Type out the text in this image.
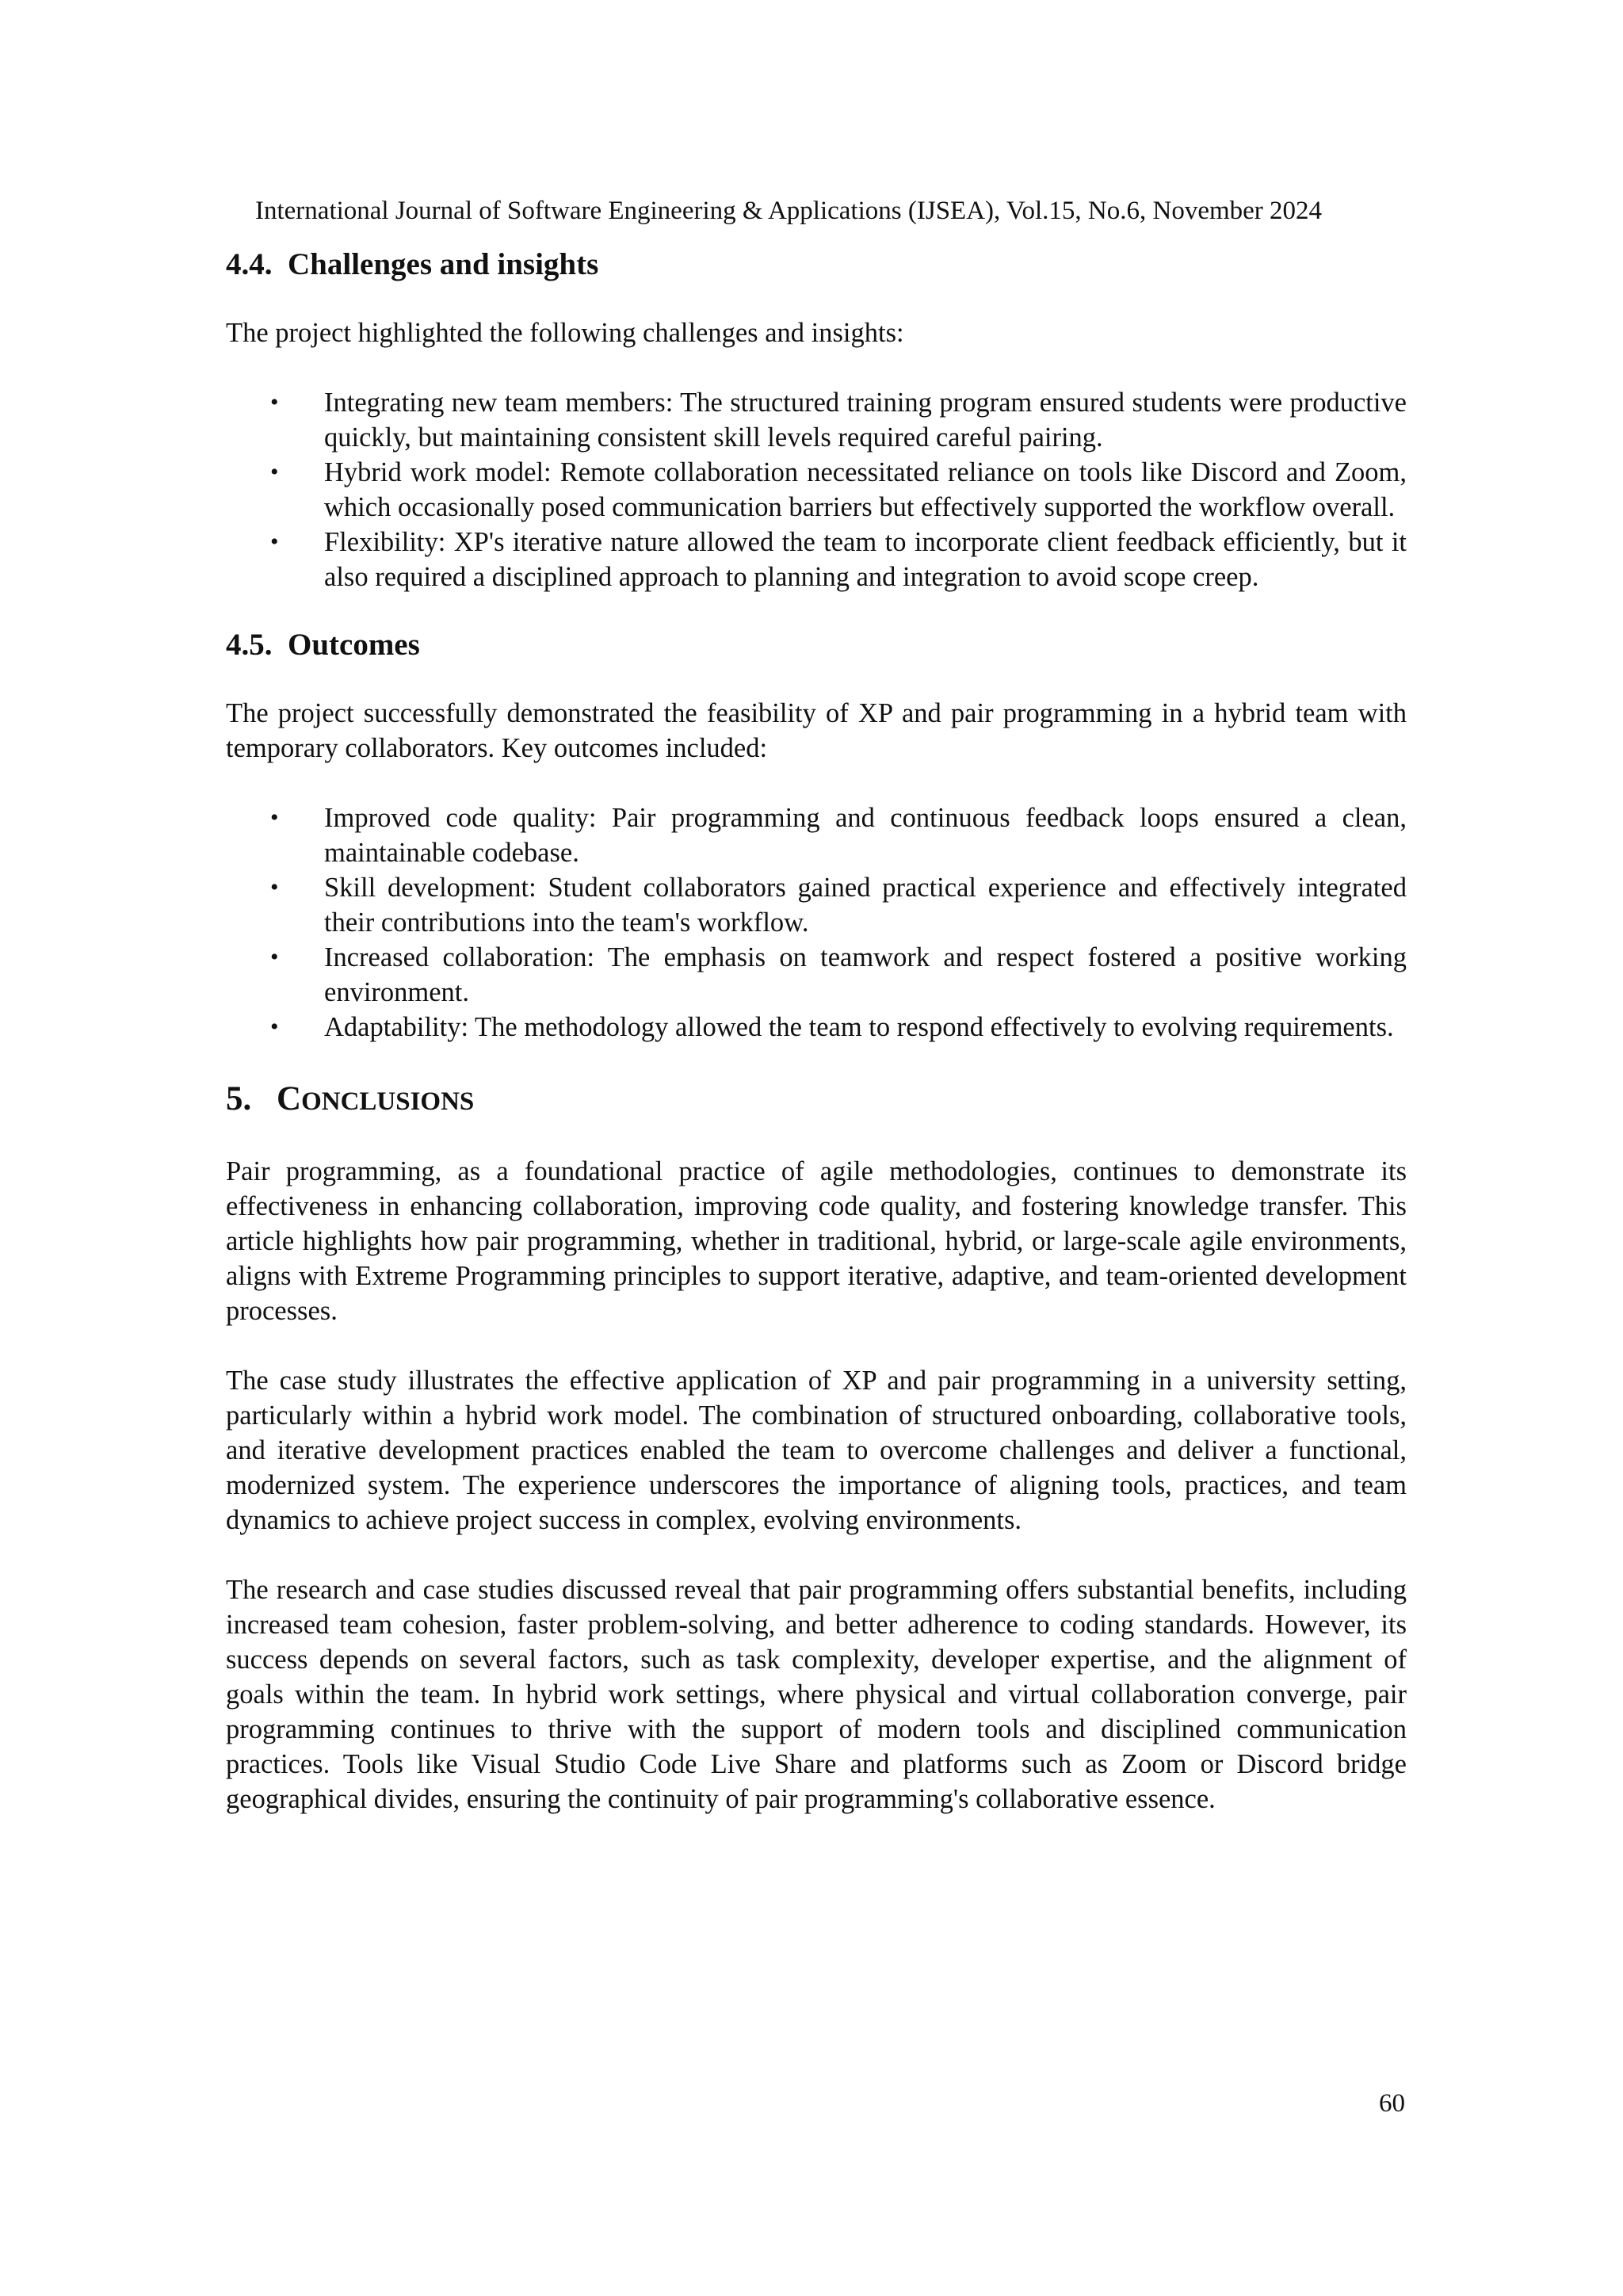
International Journal of Software Engineering & Applications (IJSEA), Vol.15, No.6, November 2024
4.4. Challenges and insights

The project highlighted the following challenges and insights:

• Integrating new team members: The structured training program ensured students were productive quickly, but maintaining consistent skill levels required careful pairing.
• Hybrid work model: Remote collaboration necessitated reliance on tools like Discord and Zoom, which occasionally posed communication barriers but effectively supported the workflow overall.
• Flexibility: XP's iterative nature allowed the team to incorporate client feedback efficiently, but it also required a disciplined approach to planning and integration to avoid scope creep.
4.5. Outcomes

The project successfully demonstrated the feasibility of XP and pair programming in a hybrid team with temporary collaborators. Key outcomes included:

• Improved code quality: Pair programming and continuous feedback loops ensured a clean, maintainable codebase.
• Skill development: Student collaborators gained practical experience and effectively integrated their contributions into the team's workflow.
• Increased collaboration: The emphasis on teamwork and respect fostered a positive working environment.
• Adaptability: The methodology allowed the team to respond effectively to evolving requirements.
5. CONCLUSIONS

Pair programming, as a foundational practice of agile methodologies, continues to demonstrate its effectiveness in enhancing collaboration, improving code quality, and fostering knowledge transfer. This article highlights how pair programming, whether in traditional, hybrid, or large-scale agile environments, aligns with Extreme Programming principles to support iterative, adaptive, and team-oriented development processes.

The case study illustrates the effective application of XP and pair programming in a university setting, particularly within a hybrid work model. The combination of structured onboarding, collaborative tools, and iterative development practices enabled the team to overcome challenges and deliver a functional, modernized system. The experience underscores the importance of aligning tools, practices, and team dynamics to achieve project success in complex, evolving environments.

The research and case studies discussed reveal that pair programming offers substantial benefits, including increased team cohesion, faster problem-solving, and better adherence to coding standards. However, its success depends on several factors, such as task complexity, developer expertise, and the alignment of goals within the team. In hybrid work settings, where physical and virtual collaboration converge, pair programming continues to thrive with the support of modern tools and disciplined communication practices. Tools like Visual Studio Code Live Share and platforms such as Zoom or Discord bridge geographical divides, ensuring the continuity of pair programming's collaborative essence.

60
